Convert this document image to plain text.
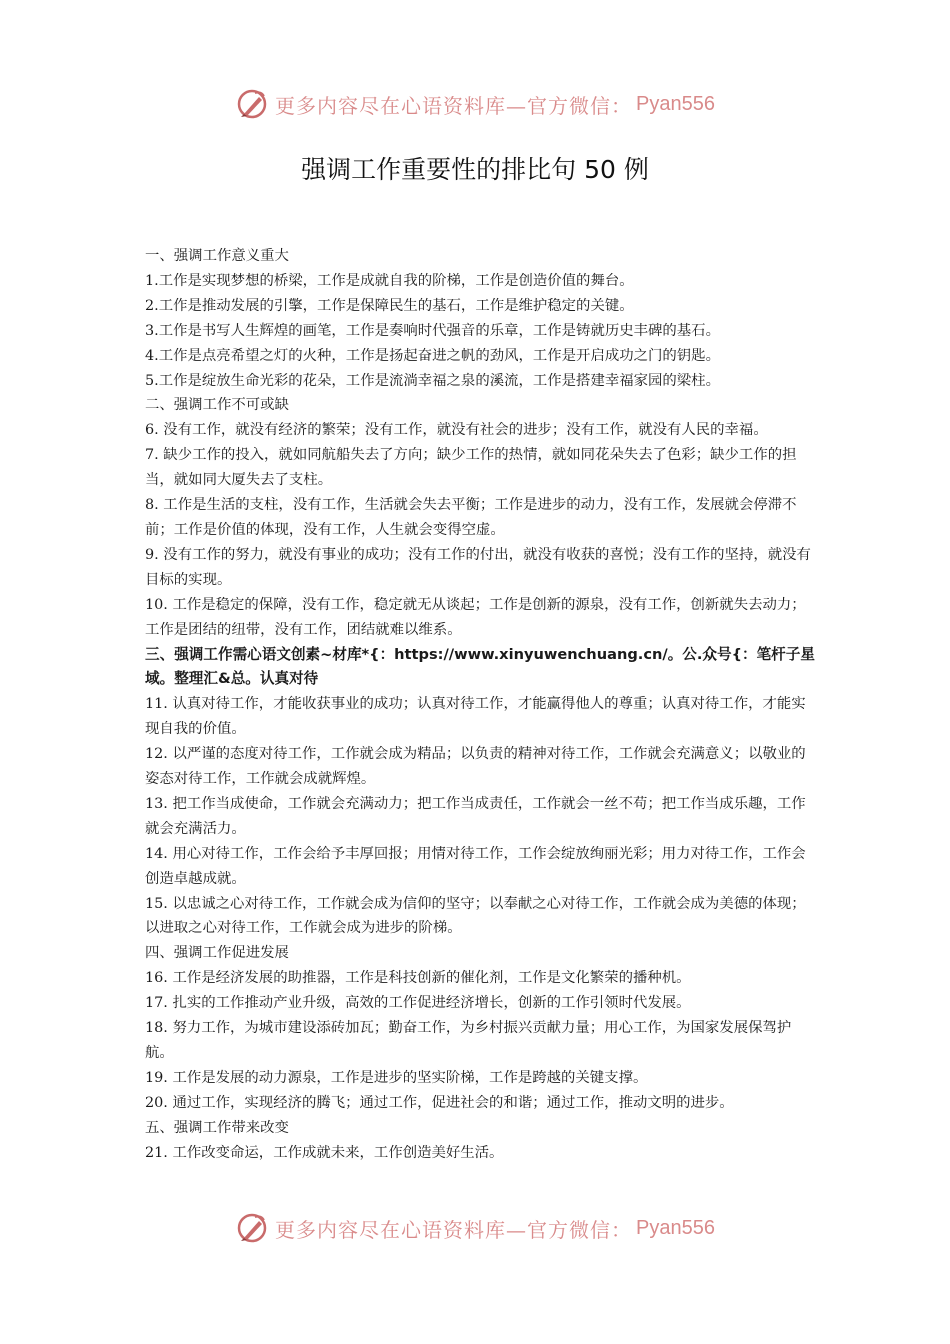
更多内容尽在心语资料库—官方微信： Pyan556
强调工作重要性的排比句 50 例

一、强调工作意义重大

1.工作是实现梦想的桥梁，工作是成就自我的阶梯，工作是创造价值的舞台。

2.工作是推动发展的引擎，工作是保障民生的基石，工作是维护稳定的关键。

3.工作是书写人生辉煌的画笔，工作是奏响时代强音的乐章，工作是铸就历史丰碑的基石。

4.工作是点亮希望之灯的火种，工作是扬起奋进之帆的劲风，工作是开启成功之门的钥匙。

5.工作是绽放生命光彩的花朵，工作是流淌幸福之泉的溪流，工作是搭建幸福家园的梁柱。

二、强调工作不可或缺

6. 没有工作，就没有经济的繁荣；没有工作，就没有社会的进步；没有工作，就没有人民的幸福。

7. 缺少工作的投入，就如同航船失去了方向；缺少工作的热情，就如同花朵失去了色彩；缺少工作的担当，就如同大厦失去了支柱。

8. 工作是生活的支柱，没有工作，生活就会失去平衡；工作是进步的动力，没有工作，发展就会停滞不前；工作是价值的体现，没有工作，人生就会变得空虚。

9. 没有工作的努力，就没有事业的成功；没有工作的付出，就没有收获的喜悦；没有工作的坚持，就没有目标的实现。

10. 工作是稳定的保障，没有工作，稳定就无从谈起；工作是创新的源泉，没有工作，创新就失去动力；工作是团结的纽带，没有工作，团结就难以维系。

三、强调工作需心语文创素~材库*{：https://www.xinyuwenchuang.cn/。公.众号{：笔杆子星域。整理汇&总。认真对待

11. 认真对待工作，才能收获事业的成功；认真对待工作，才能赢得他人的尊重；认真对待工作，才能实现自我的价值。

12. 以严谨的态度对待工作，工作就会成为精品；以负责的精神对待工作，工作就会充满意义；以敬业的姿态对待工作，工作就会成就辉煌。

13. 把工作当成使命，工作就会充满动力；把工作当成责任，工作就会一丝不苟；把工作当成乐趣，工作就会充满活力。

14. 用心对待工作，工作会给予丰厚回报；用情对待工作，工作会绽放绚丽光彩；用力对待工作，工作会创造卓越成就。

15. 以忠诚之心对待工作，工作就会成为信仰的坚守；以奉献之心对待工作，工作就会成为美德的体现；以进取之心对待工作，工作就会成为进步的阶梯。

四、强调工作促进发展

16. 工作是经济发展的助推器，工作是科技创新的催化剂，工作是文化繁荣的播种机。

17. 扎实的工作推动产业升级，高效的工作促进经济增长，创新的工作引领时代发展。

18. 努力工作，为城市建设添砖加瓦；勤奋工作，为乡村振兴贡献力量；用心工作，为国家发展保驾护航。

19. 工作是发展的动力源泉，工作是进步的坚实阶梯，工作是跨越的关键支撑。

20. 通过工作，实现经济的腾飞；通过工作，促进社会的和谐；通过工作，推动文明的进步。

五、强调工作带来改变

21. 工作改变命运，工作成就未来，工作创造美好生活。

更多内容尽在心语资料库—官方微信： Pyan556
